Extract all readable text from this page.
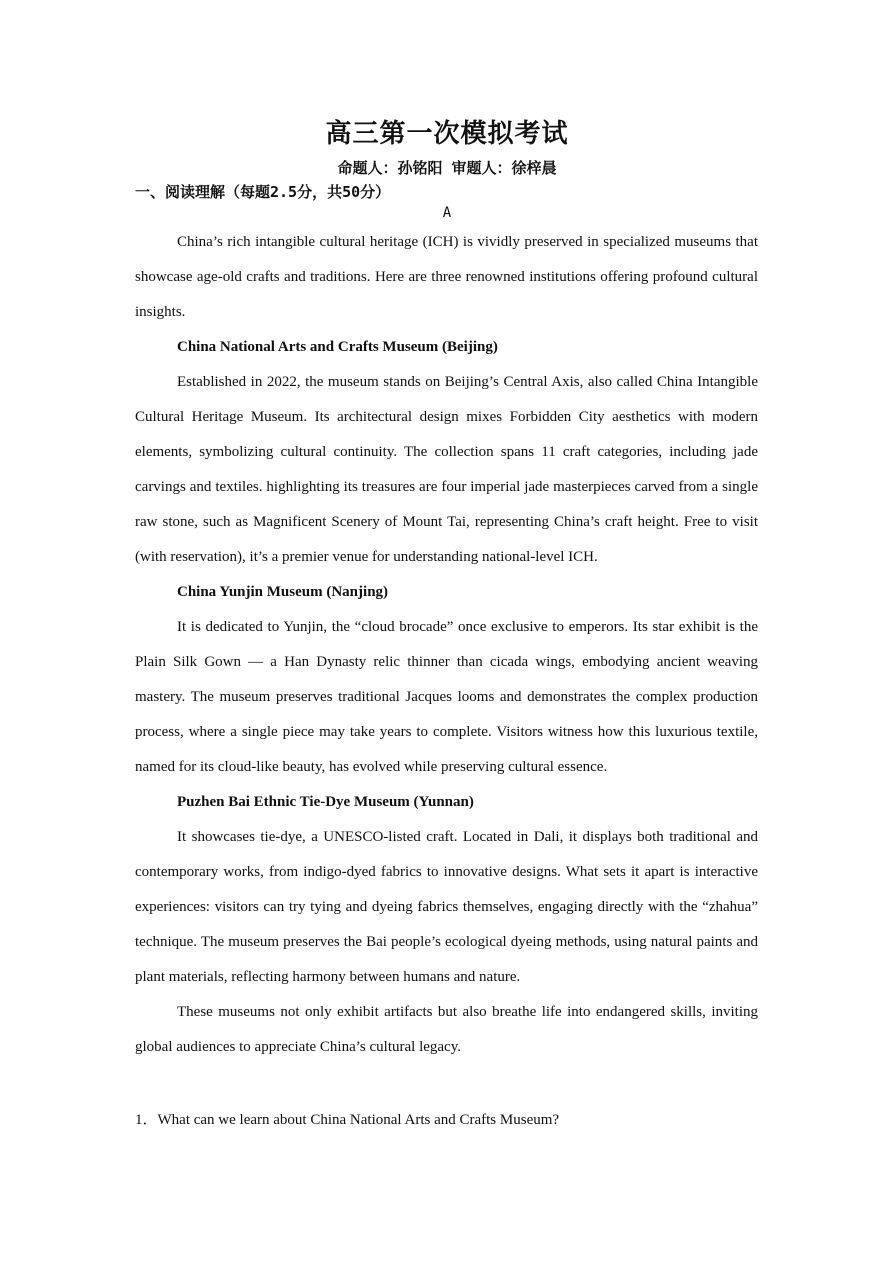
高三第一次模拟考试
命题人：孙铭阳 审题人：徐梓晨
一、阅读理解（每题2.5分，共50分）
A

China’s rich intangible cultural heritage (ICH) is vividly preserved in specialized museums that showcase age-old crafts and traditions. Here are three renowned institutions offering profound cultural insights.

China National Arts and Crafts Museum (Beijing)

Established in 2022, the museum stands on Beijing’s Central Axis, also called China Intangible Cultural Heritage Museum. Its architectural design mixes Forbidden City aesthetics with modern elements, symbolizing cultural continuity. The collection spans 11 craft categories, including jade carvings and textiles. highlighting its treasures are four imperial jade masterpieces carved from a single raw stone, such as Magnificent Scenery of Mount Tai, representing China’s craft height. Free to visit (with reservation), it’s a premier venue for understanding national-level ICH.

China Yunjin Museum (Nanjing)

It is dedicated to Yunjin, the “cloud brocade” once exclusive to emperors. Its star exhibit is the Plain Silk Gown — a Han Dynasty relic thinner than cicada wings, embodying ancient weaving mastery. The museum preserves traditional Jacques looms and demonstrates the complex production process, where a single piece may take years to complete. Visitors witness how this luxurious textile, named for its cloud-like beauty, has evolved while preserving cultural essence.

Puzhen Bai Ethnic Tie-Dye Museum (Yunnan)

It showcases tie-dye, a UNESCO-listed craft. Located in Dali, it displays both traditional and contemporary works, from indigo-dyed fabrics to innovative designs. What sets it apart is interactive experiences: visitors can try tying and dyeing fabrics themselves, engaging directly with the “zhahua” technique. The museum preserves the Bai people’s ecological dyeing methods, using natural paints and plant materials, reflecting harmony between humans and nature.

These museums not only exhibit artifacts but also breathe life into endangered skills, inviting global audiences to appreciate China’s cultural legacy.

1．What can we learn about China National Arts and Crafts Museum?
